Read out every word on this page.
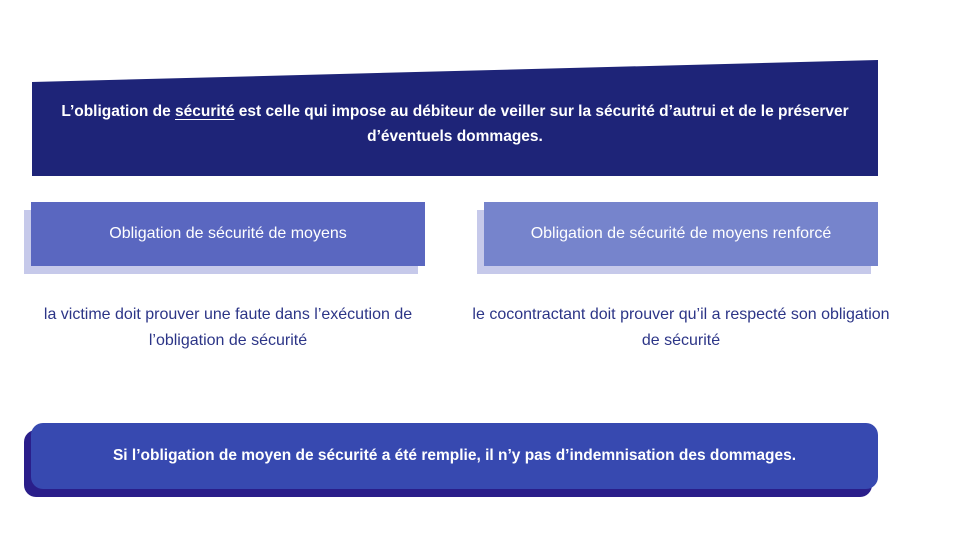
L’obligation de sécurité est celle qui impose au débiteur de veiller sur la sécurité d’autrui et de le préserver d’éventuels dommages.
Obligation de sécurité de moyens	Obligation de sécurité de moyens renforcé
la victime doit prouver une faute dans l’exécution de l’obligation de sécurité
le cocontractant doit prouver qu’il a respecté son obligation de sécurité
Si l’obligation de moyen de sécurité a été remplie, il n’y pas d’indemnisation des dommages.
